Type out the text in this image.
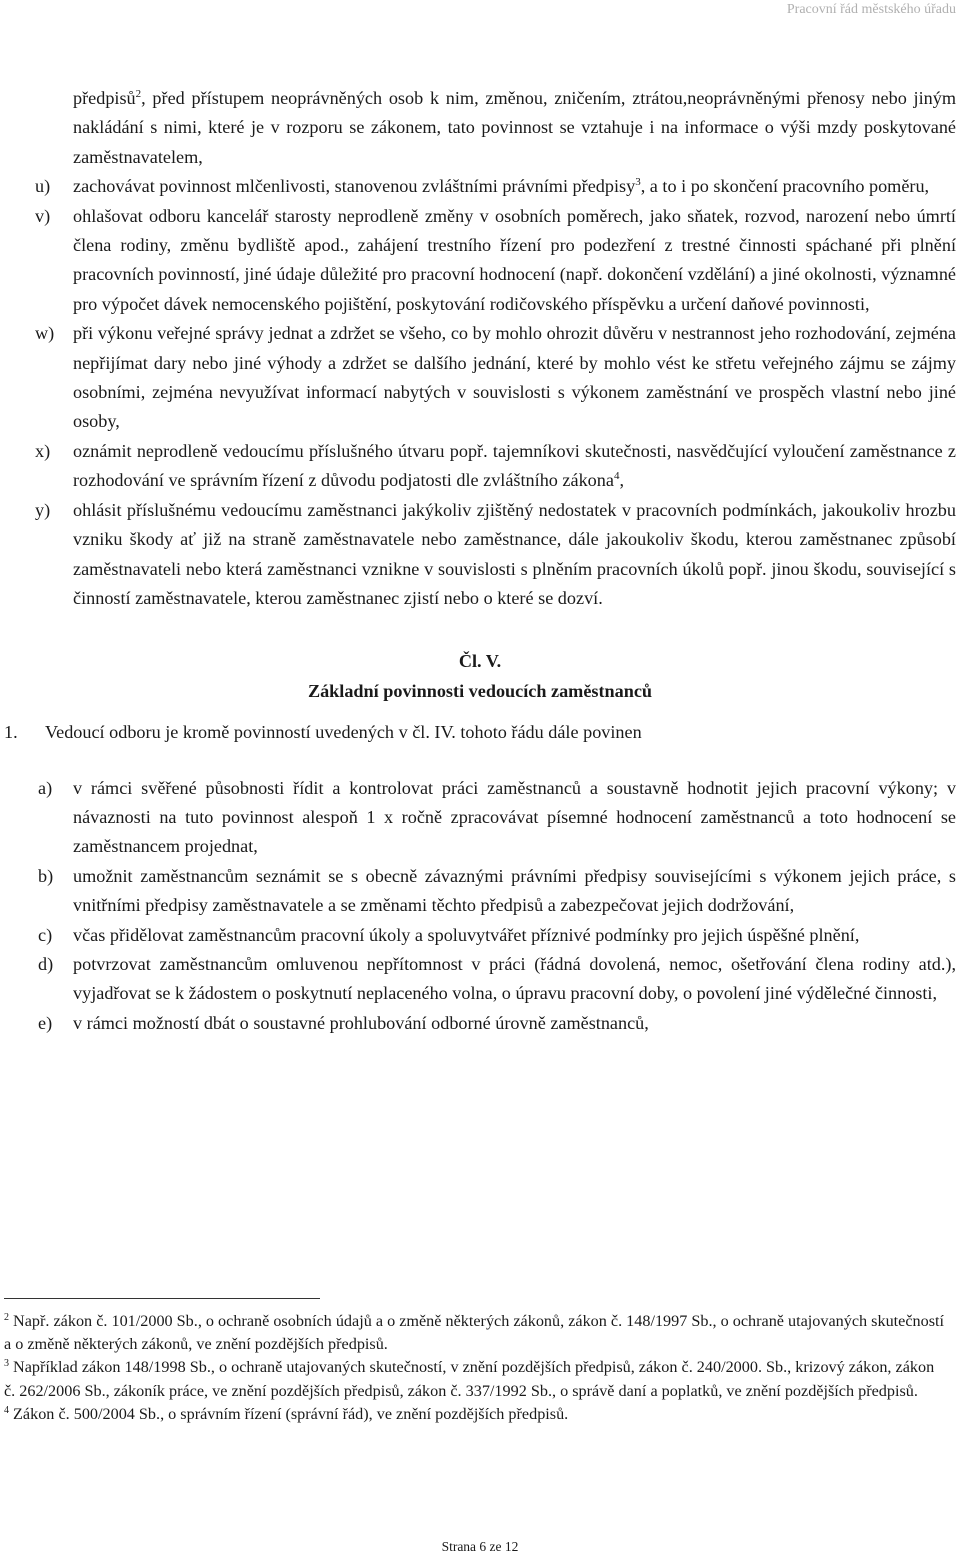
Pracovní řád městského úřadu
předpisů$^2$, před přístupem neoprávněných osob k nim, změnou, zničením, ztrátou,neoprávněnými přenosy nebo jiným nakládání s nimi, které je v rozporu se zákonem, tato povinnost se vztahuje i na informace o výši mzdy poskytované zaměstnavatelem,
u) zachovávat povinnost mlčenlivosti, stanovenou zvláštními právními předpisy$^3$, a to i po skončení pracovního poměru,
v) ohlašovat odboru kancelář starosty neprodleně změny v osobních poměrech, jako sňatek, rozvod, narození nebo úmrtí člena rodiny, změnu bydliště apod., zahájení trestního řízení pro podezření z trestné činnosti spáchané při plnění pracovních povinností, jiné údaje důležité pro pracovní hodnocení (např. dokončení vzdělání) a jiné okolnosti, významné pro výpočet dávek nemocenského pojištění, poskytování rodičovského příspěvku a určení daňové povinnosti,
w) při výkonu veřejné správy jednat a zdržet se všeho, co by mohlo ohrozit důvěru v nestrannost jeho rozhodování, zejména nepřijímat dary nebo jiné výhody a zdržet se dalšího jednání, které by mohlo vést ke střetu veřejného zájmu se zájmy osobními, zejména nevyužívat informací nabytých v souvislosti s výkonem zaměstnání ve prospěch vlastní nebo jiné osoby,
x) oznámit neprodleně vedoucímu příslušného útvaru popř. tajemníkovi skutečnosti, nasvědčující vyloučení zaměstnance z rozhodování ve správním řízení z důvodu podjatosti dle zvláštního zákona$^4$,
y) ohlásit příslušnému vedoucímu zaměstnanci jakýkoliv zjištěný nedostatek v pracovních podmínkách, jakoukoliv hrozbu vzniku škody ať již na straně zaměstnavatele nebo zaměstnance, dále jakoukoliv škodu, kterou zaměstnanec způsobí zaměstnavateli nebo která zaměstnanci vznikne v souvislosti s plněním pracovních úkolů popř. jinou škodu, související s činností zaměstnavatele, kterou zaměstnanec zjistí nebo o které se dozví.
Čl. V.
Základní povinnosti vedoucích zaměstnanců
1. Vedoucí odboru je kromě povinností uvedených v čl. IV. tohoto řádu dále povinen
a) v rámci svěřené působnosti řídit a kontrolovat práci zaměstnanců a soustavně hodnotit jejich pracovní výkony; v návaznosti na tuto povinnost alespoň 1 x ročně zpracovávat písemné hodnocení zaměstnanců a toto hodnocení se zaměstnancem projednat,
b) umožnit zaměstnancům seznámit se s obecně závaznými právními předpisy souvisejícími s výkonem jejich práce, s vnitřními předpisy zaměstnavatele a se změnami těchto předpisů a zabezpečovat jejich dodržování,
c) včas přidělovat zaměstnancům pracovní úkoly a spoluvytvářet příznivé podmínky pro jejich úspěšné plnění,
d) potvrzovat zaměstnancům omluvenou nepřítomnost v práci (řádná dovolená, nemoc, ošetřování člena rodiny atd.), vyjadřovat se k žádostem o poskytnutí neplaceného volna, o úpravu pracovní doby, o povolení jiné výdělečné činnosti,
e) v rámci možností dbát o soustavné prohlubování odborné úrovně zaměstnanců,
$^2$ Např. zákon č. 101/2000 Sb., o ochraně osobních údajů a o změně některých zákonů, zákon č. 148/1997 Sb., o ochraně utajovaných skutečností a o změně některých zákonů, ve znění pozdějších předpisů.
$^3$ Například zákon 148/1998 Sb., o ochraně utajovaných skutečností, v znění pozdějších předpisů, zákon č. 240/2000. Sb., krizový zákon, zákon č. 262/2006 Sb., zákoník práce, ve znění pozdějších předpisů, zákon č. 337/1992 Sb., o správě daní a poplatků, ve znění pozdějších předpisů.
$^4$ Zákon č. 500/2004 Sb., o správním řízení (správní řád), ve znění pozdějších předpisů.
Strana 6 ze 12
